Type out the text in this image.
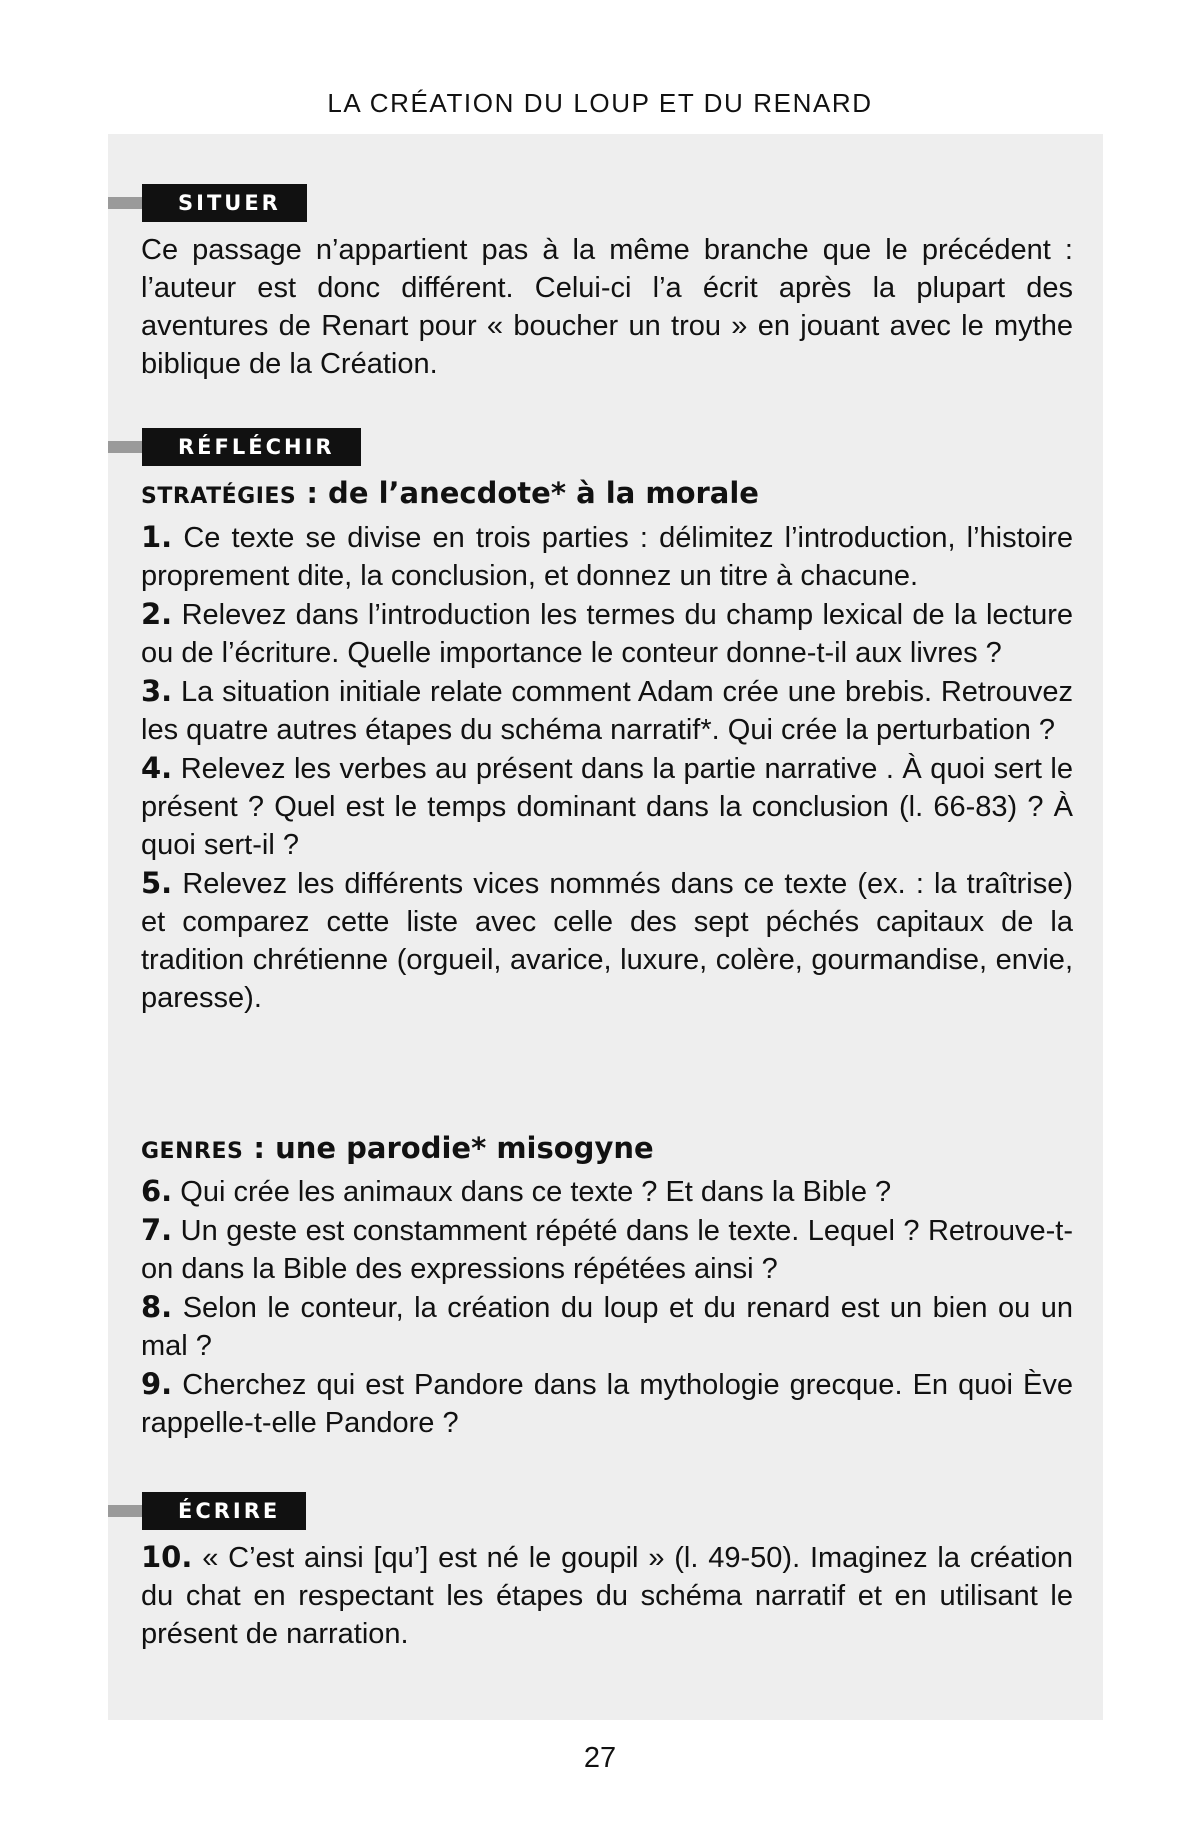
LA CRÉATION DU LOUP ET DU RENARD
SITUER

Ce passage n’appartient pas à la même branche que le précédent : l’auteur est donc différent. Celui-ci l’a écrit après la plupart des aventures de Renart pour « boucher un trou » en jouant avec le mythe biblique de la Création.

RÉFLÉCHIR
STRATÉGIES : de l’anecdote* à la morale

1. Ce texte se divise en trois parties : délimitez l’introduction, l’histoire proprement dite, la conclusion, et donnez un titre à chacune.

2. Relevez dans l’introduction les termes du champ lexical de la lecture ou de l’écriture. Quelle importance le conteur donne-t-il aux livres ?

3. La situation initiale relate comment Adam crée une brebis. Retrouvez les quatre autres étapes du schéma narratif*. Qui crée la perturbation ?

4. Relevez les verbes au présent dans la partie narrative . À quoi sert le présent ? Quel est le temps dominant dans la conclusion (l. 66-83) ? À quoi sert-il ?

5. Relevez les différents vices nommés dans ce texte (ex. : la traîtrise) et comparez cette liste avec celle des sept péchés capitaux de la tradition chrétienne (orgueil, avarice, luxure, colère, gourmandise, envie, paresse).

GENRES : une parodie* misogyne

6. Qui crée les animaux dans ce texte ? Et dans la Bible ?

7. Un geste est constamment répété dans le texte. Lequel ? Retrouve-t-on dans la Bible des expressions répétées ainsi ?

8. Selon le conteur, la création du loup et du renard est un bien ou un mal ?

9. Cherchez qui est Pandore dans la mythologie grecque. En quoi Ève rappelle-t-elle Pandore ?

ÉCRIRE

10. « C’est ainsi [qu’] est né le goupil » (l. 49-50). Imaginez la création du chat en respectant les étapes du schéma narratif et en utilisant le présent de narration.

27
